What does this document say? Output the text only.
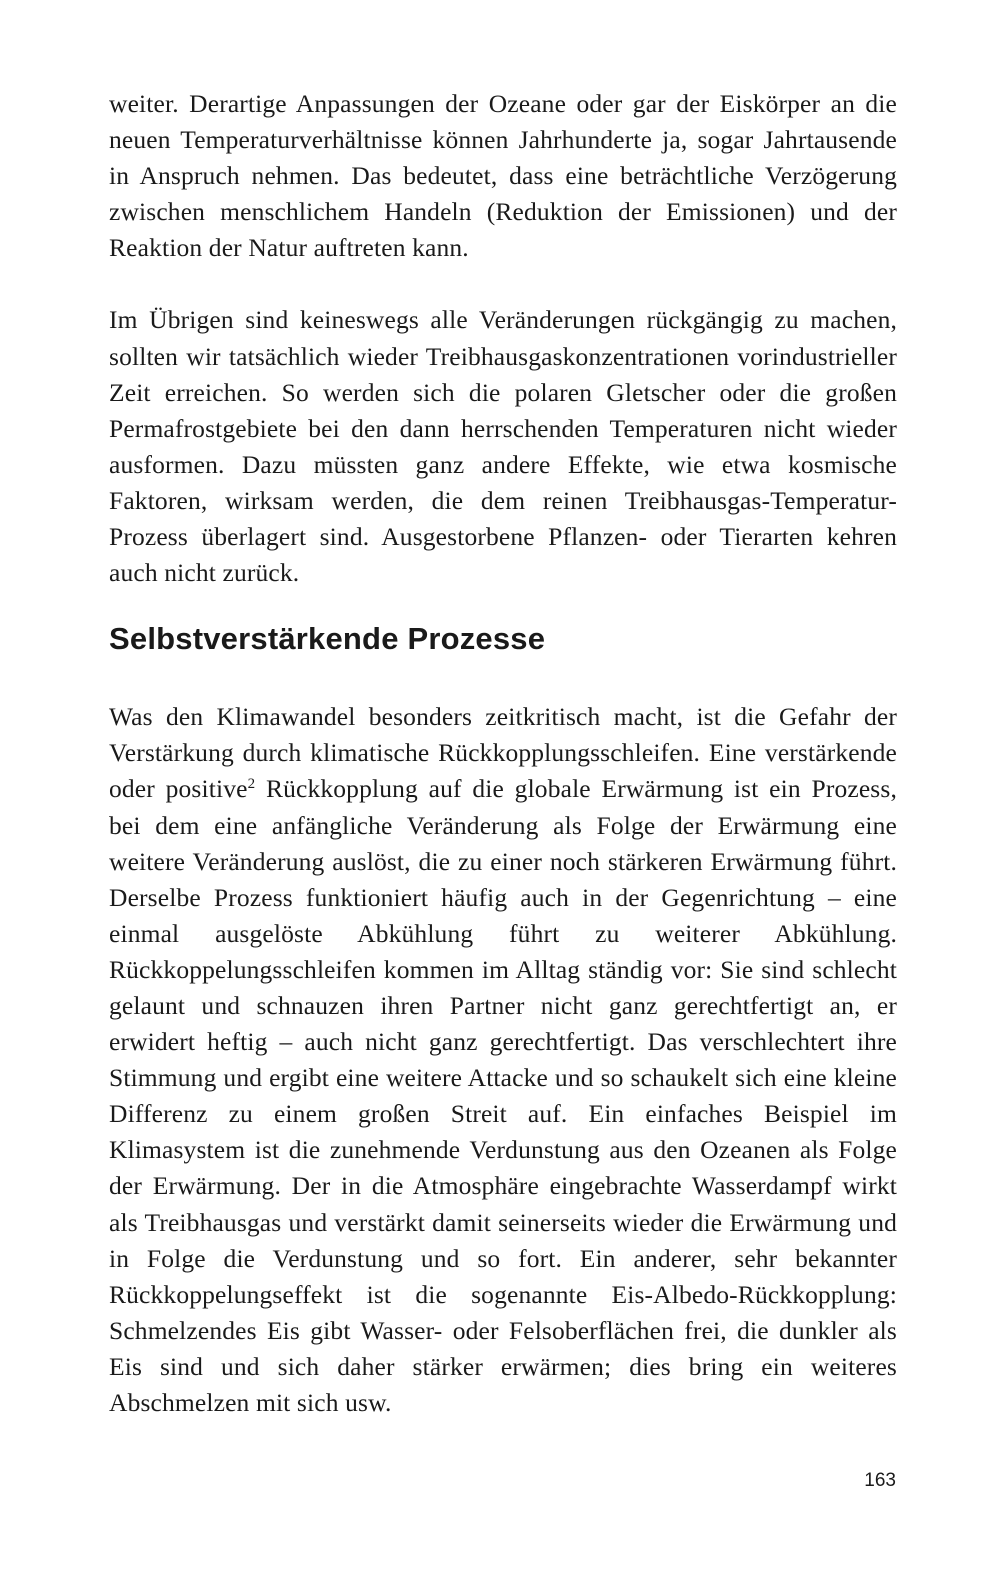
weiter. Derartige Anpassungen der Ozeane oder gar der Eiskörper an die neuen Temperaturverhältnisse können Jahrhunderte ja, sogar Jahrtausende in Anspruch nehmen. Das bedeutet, dass eine beträchtliche Verzögerung zwischen menschlichem Handeln (Reduktion der Emissionen) und der Reaktion der Natur auftreten kann.

Im Übrigen sind keineswegs alle Veränderungen rückgängig zu machen, sollten wir tatsächlich wieder Treibhausgaskonzentrationen vorindustrieller Zeit erreichen. So werden sich die polaren Gletscher oder die großen Permafrostgebiete bei den dann herrschenden Temperaturen nicht wieder ausformen. Dazu müssten ganz andere Effekte, wie etwa kosmische Faktoren, wirksam werden, die dem reinen Treibhausgas-Temperatur-Prozess überlagert sind. Ausgestorbene Pflanzen- oder Tierarten kehren auch nicht zurück.

Selbstverstärkende Prozesse

Was den Klimawandel besonders zeitkritisch macht, ist die Gefahr der Verstärkung durch klimatische Rückkopplungsschleifen. Eine verstärkende oder positive$^2$ Rückkopplung auf die globale Erwärmung ist ein Prozess, bei dem eine anfängliche Veränderung als Folge der Erwärmung eine weitere Veränderung auslöst, die zu einer noch stärkeren Erwärmung führt. Derselbe Prozess funktioniert häufig auch in der Gegenrichtung – eine einmal ausgelöste Abkühlung führt zu weiterer Abkühlung. Rückkoppelungsschleifen kommen im Alltag ständig vor: Sie sind schlecht gelaunt und schnauzen ihren Partner nicht ganz gerechtfertigt an, er erwidert heftig – auch nicht ganz gerechtfertigt. Das verschlechtert ihre Stimmung und ergibt eine weitere Attacke und so schaukelt sich eine kleine Differenz zu einem großen Streit auf. Ein einfaches Beispiel im Klimasystem ist die zunehmende Verdunstung aus den Ozeanen als Folge der Erwärmung. Der in die Atmosphäre eingebrachte Wasserdampf wirkt als Treibhausgas und verstärkt damit seinerseits wieder die Erwärmung und in Folge die Verdunstung und so fort. Ein anderer, sehr bekannter Rückkoppelungseffekt ist die sogenannte Eis-Albedo-Rückkopplung: Schmelzendes Eis gibt Wasser- oder Felsoberflächen frei, die dunkler als Eis sind und sich daher stärker erwärmen; dies bring ein weiteres Abschmelzen mit sich usw.

163
